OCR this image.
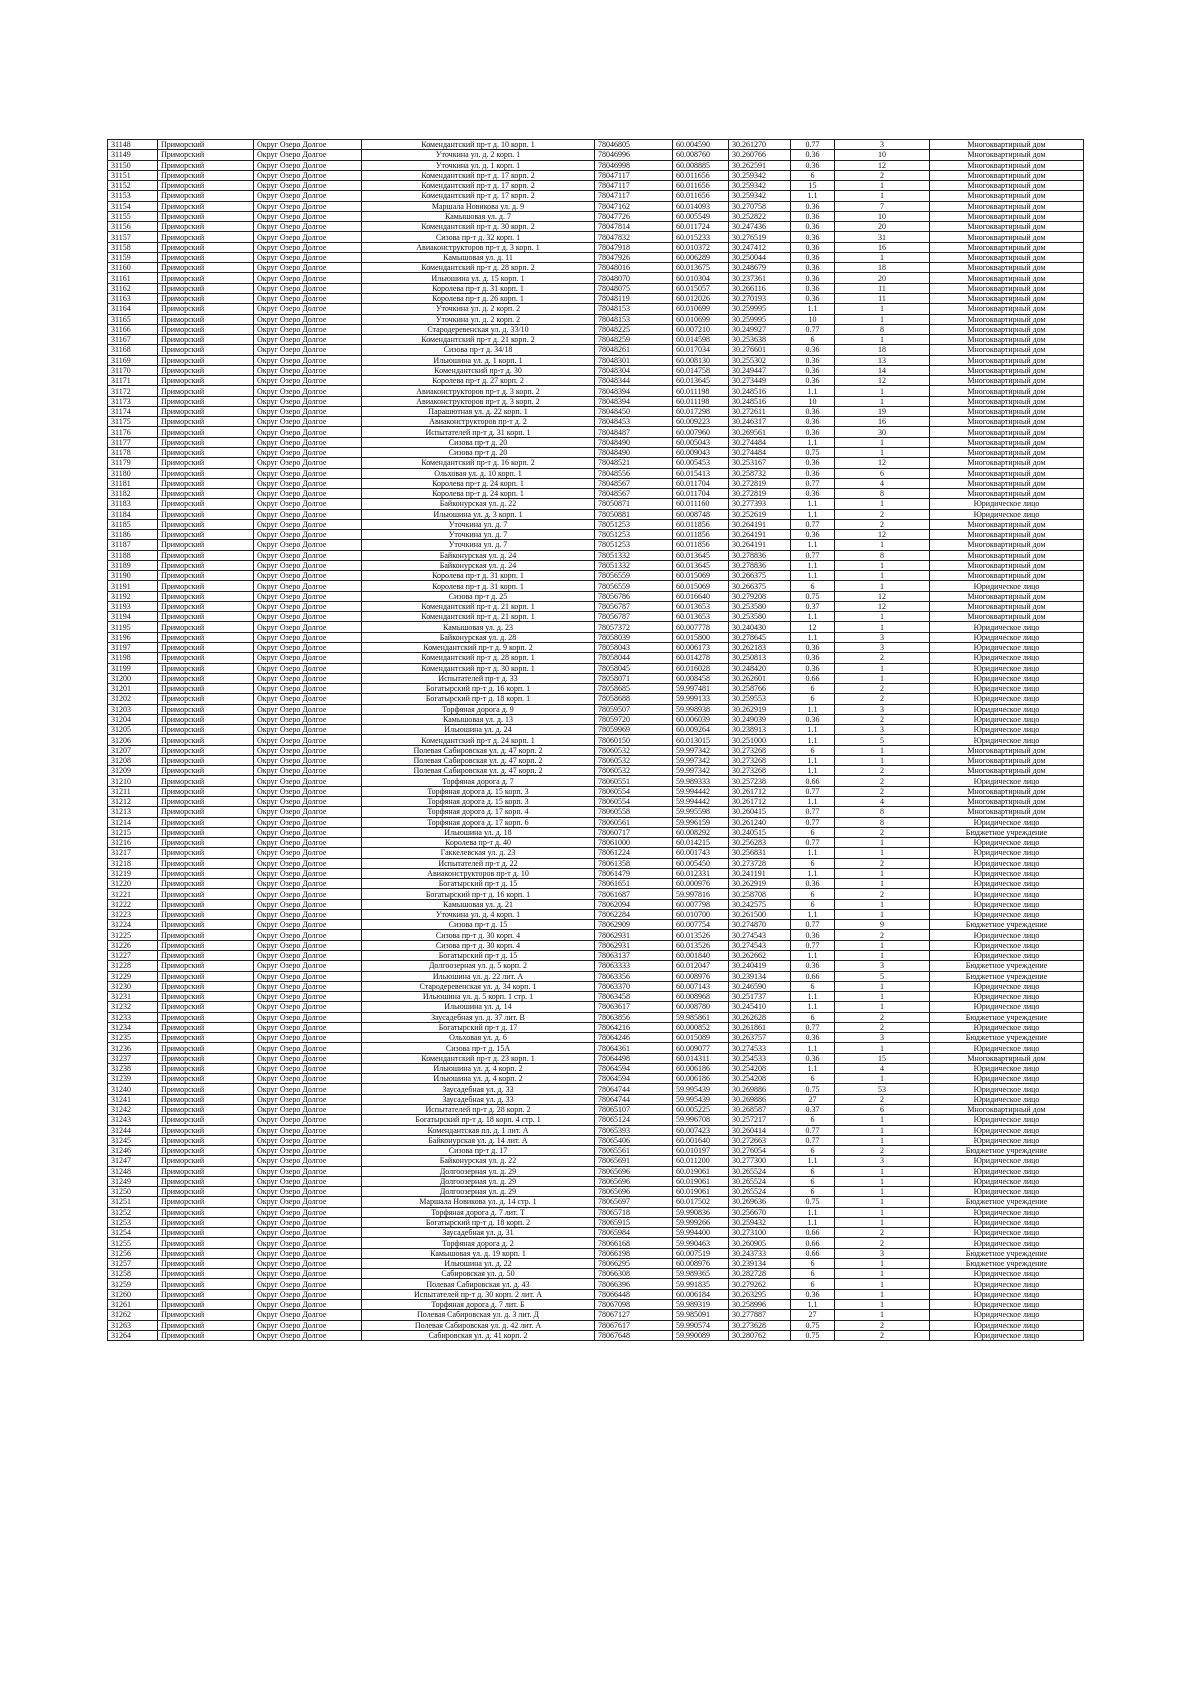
31148	Приморский	Округ Озеро Долгое	Комендантский пр-т д. 10 корп. 1	78046805	60.004590	30.261270	0.77	3	Многоквартирный дом
31149	Приморский	Округ Озеро Долгое	Уточкина ул. д. 2 корп. 1	78046996	60.008760	30.260766	0.36	10	Многоквартирный дом
31150	Приморский	Округ Озеро Долгое	Уточкина ул. д. 1 корп. 1	78046998	60.008885	30.262591	0.36	12	Многоквартирный дом
31151	Приморский	Округ Озеро Долгое	Комендантский пр-т д. 17 корп. 2	78047117	60.011656	30.259342	6	2	Многоквартирный дом
31152	Приморский	Округ Озеро Долгое	Комендантский пр-т д. 17 корп. 2	78047117	60.011656	30.259342	15	1	Многоквартирный дом
31153	Приморский	Округ Озеро Долгое	Комендантский пр-т д. 17 корп. 2	78047117	60.011656	30.259342	1.1	1	Многоквартирный дом
31154	Приморский	Округ Озеро Долгое	Маршала Новикова ул. д. 9	78047162	60.014093	30.270758	0.36	7	Многоквартирный дом
31155	Приморский	Округ Озеро Долгое	Камышовая ул. д. 7	78047726	60.005549	30.252822	0.36	10	Многоквартирный дом
31156	Приморский	Округ Озеро Долгое	Комендантский пр-т д. 30 корп. 2	78047814	60.011724	30.247436	0.36	20	Многоквартирный дом
31157	Приморский	Округ Озеро Долгое	Сизова пр-т д. 32 корп. 1	78047832	60.015233	30.276519	0.36	31	Многоквартирный дом
31158	Приморский	Округ Озеро Долгое	Авиаконструкторов пр-т д. 3 корп. 1	78047918	60.010372	30.247412	0.36	16	Многоквартирный дом
31159	Приморский	Округ Озеро Долгое	Камышовая ул. д. 11	78047926	60.006289	30.250044	0.36	1	Многоквартирный дом
31160	Приморский	Округ Озеро Долгое	Комендантский пр-т д. 28 корп. 2	78048016	60.013675	30.248679	0.36	18	Многоквартирный дом
31161	Приморский	Округ Озеро Долгое	Ильюшина ул. д. 15 корп. 1	78048070	60.010304	30.237361	0.36	20	Многоквартирный дом
31162	Приморский	Округ Озеро Долгое	Королева пр-т д. 31 корп. 1	78048075	60.015057	30.266116	0.36	11	Многоквартирный дом
31163	Приморский	Округ Озеро Долгое	Королева пр-т д. 26 корп. 1	78048119	60.012026	30.270193	0.36	11	Многоквартирный дом
31164	Приморский	Округ Озеро Долгое	Уточкина ул. д. 2 корп. 2	78048153	60.010699	30.259995	1.1	1	Многоквартирный дом
31165	Приморский	Округ Озеро Долгое	Уточкина ул. д. 2 корп. 2	78048153	60.010699	30.259995	10	1	Многоквартирный дом
31166	Приморский	Округ Озеро Долгое	Стародеревенская ул. д. 33/10	78048225	60.007210	30.249927	0.77	8	Многоквартирный дом
31167	Приморский	Округ Озеро Долгое	Комендантский пр-т д. 21 корп. 2	78048259	60.014598	30.253638	6	1	Многоквартирный дом
31168	Приморский	Округ Озеро Долгое	Сизова пр-т д. 34/18	78048261	60.017034	30.276601	0.36	18	Многоквартирный дом
31169	Приморский	Округ Озеро Долгое	Ильюшина ул. д. 1 корп. 1	78048301	60.008130	30.255302	0.36	13	Многоквартирный дом
31170	Приморский	Округ Озеро Долгое	Комендантский пр-т д. 30	78048304	60.014758	30.249447	0.36	14	Многоквартирный дом
31171	Приморский	Округ Озеро Долгое	Королева пр-т д. 27 корп. 2	78048344	60.013645	30.273449	0.36	12	Многоквартирный дом
31172	Приморский	Округ Озеро Долгое	Авиаконструкторов пр-т д. 3 корп. 2	78048394	60.011198	30.248516	1.1	1	Многоквартирный дом
31173	Приморский	Округ Озеро Долгое	Авиаконструкторов пр-т д. 3 корп. 2	78048394	60.011198	30.248516	10	1	Многоквартирный дом
31174	Приморский	Округ Озеро Долгое	Парашютная ул. д. 22 корп. 1	78048450	60.017298	30.272611	0.36	19	Многоквартирный дом
31175	Приморский	Округ Озеро Долгое	Авиаконструкторов пр-т д. 2	78048453	60.009223	30.246317	0.36	16	Многоквартирный дом
31176	Приморский	Округ Озеро Долгое	Испытателей пр-т д. 31 корп. 1	78048487	60.007960	30.269561	0.36	30	Многоквартирный дом
31177	Приморский	Округ Озеро Долгое	Сизова пр-т д. 20	78048490	60.005043	30.274484	1.1	1	Многоквартирный дом
31178	Приморский	Округ Озеро Долгое	Сизова пр-т д. 20	78048490	60.009043	30.274484	0.75	1	Многоквартирный дом
31179	Приморский	Округ Озеро Долгое	Комендантский пр-т д. 16 корп. 2	78048521	60.005453	30.253167	0.36	12	Многоквартирный дом
31180	Приморский	Округ Озеро Долгое	Ольховая ул. д. 10 корп. 1	78048556	60.015413	30.258732	0.36	6	Многоквартирный дом
31181	Приморский	Округ Озеро Долгое	Королева пр-т д. 24 корп. 1	78048567	60.011704	30.272819	0.77	4	Многоквартирный дом
31182	Приморский	Округ Озеро Долгое	Королева пр-т д. 24 корп. 1	78048567	60.011704	30.272819	0.36	8	Многоквартирный дом
31183	Приморский	Округ Озеро Долгое	Байконурская ул. д. 22	78050871	60.011160	30.277393	1.1	1	Юридическое лицо
31184	Приморский	Округ Озеро Долгое	Ильюшина ул. д. 3 корп. 1	78050881	60.008748	30.252619	1.1	2	Юридическое лицо
31185	Приморский	Округ Озеро Долгое	Уточкина ул. д. 7	78051253	60.011856	30.264191	0.77	2	Многоквартирный дом
31186	Приморский	Округ Озеро Долгое	Уточкина ул. д. 7	78051253	60.011856	30.264191	0.36	12	Многоквартирный дом
31187	Приморский	Округ Озеро Долгое	Уточкина ул. д. 7	78051253	60.011856	30.264191	1.1	1	Многоквартирный дом
31188	Приморский	Округ Озеро Долгое	Байконурская ул. д. 24	78051332	60.013645	30.278836	0.77	8	Многоквартирный дом
31189	Приморский	Округ Озеро Долгое	Байконурская ул. д. 24	78051332	60.013645	30.278836	1.1	1	Многоквартирный дом
31190	Приморский	Округ Озеро Долгое	Королева пр-т д. 31 корп. 1	78056559	60.015069	30.266375	1.1	1	Многоквартирный дом
31191	Приморский	Округ Озеро Долгое	Королева пр-т д. 31 корп. 1	78056559	60.015069	30.266375	6	1	Юридическое лицо
31192	Приморский	Округ Озеро Долгое	Сизова пр-т д. 25	78056786	60.016640	30.279208	0.75	12	Многоквартирный дом
31193	Приморский	Округ Озеро Долгое	Комендантский пр-т д. 21 корп. 1	78056787	60.013653	30.253580	0.37	12	Многоквартирный дом
31194	Приморский	Округ Озеро Долгое	Комендантский пр-т д. 21 корп. 1	78056787	60.013653	30.253580	1.1	1	Многоквартирный дом
31195	Приморский	Округ Озеро Долгое	Камышовая ул. д. 23	78057372	60.007778	30.240430	12	1	Юридическое лицо
31196	Приморский	Округ Озеро Долгое	Байконурская ул. д. 28	78058039	60.015800	30.278645	1.1	3	Юридическое лицо
31197	Приморский	Округ Озеро Долгое	Комендантский пр-т д. 9 корп. 2	78058043	60.006173	30.262183	0.36	3	Юридическое лицо
31198	Приморский	Округ Озеро Долгое	Комендантский пр-т д. 28 корп. 1	78058044	60.014278	30.250813	0.36	2	Юридическое лицо
31199	Приморский	Округ Озеро Долгое	Комендантский пр-т д. 30 корп. 1	78058045	60.016028	30.248420	0.36	1	Юридическое лицо
31200	Приморский	Округ Озеро Долгое	Испытателей пр-т д. 33	78058071	60.008458	30.262601	0.66	1	Юридическое лицо
31201	Приморский	Округ Озеро Долгое	Богатырский пр-т д. 16 корп. 1	78058685	59.997481	30.258766	6	2	Юридическое лицо
31202	Приморский	Округ Озеро Долгое	Богатырский пр-т д. 18 корп. 1	78058688	59.999133	30.259553	6	2	Юридическое лицо
31203	Приморский	Округ Озеро Долгое	Торфяная дорога д. 9	78059507	59.998938	30.262919	1.1	3	Юридическое лицо
31204	Приморский	Округ Озеро Долгое	Камышовая ул. д. 13	78059720	60.006039	30.249039	0.36	2	Юридическое лицо
31205	Приморский	Округ Озеро Долгое	Ильюшина ул. д. 24	78059969	60.009264	30.238913	1.1	3	Юридическое лицо
31206	Приморский	Округ Озеро Долгое	Комендантский пр-т д. 24 корп. 1	78060150	60.013015	30.251000	1.1	5	Юридическое лицо
31207	Приморский	Округ Озеро Долгое	Полевая Сабировская ул. д. 47 корп. 2	78060532	59.997342	30.273268	6	1	Многоквартирный дом
31208	Приморский	Округ Озеро Долгое	Полевая Сабировская ул. д. 47 корп. 2	78060532	59.997342	30.273268	1.1	1	Многоквартирный дом
31209	Приморский	Округ Озеро Долгое	Полевая Сабировская ул. д. 47 корп. 2	78060532	59.997342	30.273268	1.1	2	Многоквартирный дом
31210	Приморский	Округ Озеро Долгое	Торфяная дорога д. 7	78060551	59.989333	30.257238	0.66	2	Юридическое лицо
31211	Приморский	Округ Озеро Долгое	Торфяная дорога д. 15 корп. 3	78060554	59.994442	30.261712	0.77	2	Многоквартирный дом
31212	Приморский	Округ Озеро Долгое	Торфяная дорога д. 15 корп. 3	78060554	59.994442	30.261712	1.1	4	Многоквартирный дом
31213	Приморский	Округ Озеро Долгое	Торфяная дорога д. 17 корп. 4	78060558	59.995598	30.260415	0.77	8	Многоквартирный дом
31214	Приморский	Округ Озеро Долгое	Торфяная дорога д. 17 корп. 6	78060561	59.996159	30.261240	0.77	8	Юридическое лицо
31215	Приморский	Округ Озеро Долгое	Ильюшина ул. д. 18	78060717	60.008292	30.240515	6	2	Бюджетное учреждение
31216	Приморский	Округ Озеро Долгое	Королева пр-т д. 40	78061000	60.014215	30.256283	0.77	1	Юридическое лицо
31217	Приморский	Округ Озеро Долгое	Гаккелевская ул. д. 23	78061224	60.001743	30.256831	1.1	1	Юридическое лицо
31218	Приморский	Округ Озеро Долгое	Испытателей пр-т д. 22	78061358	60.005450	30.273728	6	2	Юридическое лицо
31219	Приморский	Округ Озеро Долгое	Авиаконструкторов пр-т д. 10	78061479	60.012331	30.241191	1.1	1	Юридическое лицо
31220	Приморский	Округ Озеро Долгое	Богатырский пр-т д. 15	78061651	60.000976	30.262919	0.36	1	Юридическое лицо
31221	Приморский	Округ Озеро Долгое	Богатырский пр-т д. 16 корп. 1	78061687	59.997816	30.258708	6	2	Юридическое лицо
31222	Приморский	Округ Озеро Долгое	Камышовая ул. д. 21	78062094	60.007798	30.242575	6	1	Юридическое лицо
31223	Приморский	Округ Озеро Долгое	Уточкина ул. д. 4 корп. 1	78062284	60.010700	30.261500	1.1	1	Юридическое лицо
31224	Приморский	Округ Озеро Долгое	Сизова пр-т д. 15	78062909	60.007754	30.274870	0.77	9	Бюджетное учреждение
31225	Приморский	Округ Озеро Долгое	Сизова пр-т д. 30 корп. 4	78062931	60.013526	30.274543	0.36	2	Юридическое лицо
31226	Приморский	Округ Озеро Долгое	Сизова пр-т д. 30 корп. 4	78062931	60.013526	30.274543	0.77	1	Юридическое лицо
31227	Приморский	Округ Озеро Долгое	Богатырский пр-т д. 15	78063137	60.001840	30.262662	1.1	1	Юридическое лицо
31228	Приморский	Округ Озеро Долгое	Долгоозерная ул. д. 5 корп. 2	78063333	60.012047	30.240419	0.36	3	Бюджетное учреждение
31229	Приморский	Округ Озеро Долгое	Ильюшина ул. д. 22 лит. А	78063356	60.008976	30.239134	0.66	5	Бюджетное учреждение
31230	Приморский	Округ Озеро Долгое	Стародеревенская ул. д. 34 корп. 1	78063370	60.007143	30.246590	6	1	Юридическое лицо
31231	Приморский	Округ Озеро Долгое	Ильюшина ул. д. 5 корп. 1 стр. 1	78063458	60.008968	30.251737	1.1	1	Юридическое лицо
31232	Приморский	Округ Озеро Долгое	Ильюшина ул. д. 14	78063617	60.008780	30.245410	1.1	1	Юридическое лицо
31233	Приморский	Округ Озеро Долгое	Заусадебная ул. д. 37 лит. В	78063856	59.985861	30.262628	6	2	Бюджетное учреждение
31234	Приморский	Округ Озеро Долгое	Богатырский пр-т д. 17	78064216	60.000852	30.261861	0.77	2	Юридическое лицо
31235	Приморский	Округ Озеро Долгое	Ольховая ул. д. 6	78064246	60.015089	30.263757	0.36	3	Бюджетное учреждение
31236	Приморский	Округ Озеро Долгое	Сизова пр-т д. 15А	78064361	60.009077	30.274533	1.1	1	Юридическое лицо
31237	Приморский	Округ Озеро Долгое	Комендантский пр-т д. 23 корп. 1	78064498	60.014311	30.254533	0.36	15	Многоквартирный дом
31238	Приморский	Округ Озеро Долгое	Ильюшина ул. д. 4 корп. 2	78064594	60.006186	30.254208	1.1	4	Юридическое лицо
31239	Приморский	Округ Озеро Долгое	Ильюшина ул. д. 4 корп. 2	78064594	60.006186	30.254208	6	1	Юридическое лицо
31240	Приморский	Округ Озеро Долгое	Заусадебная ул. д. 33	78064744	59.995439	30.269886	0.75	53	Юридическое лицо
31241	Приморский	Округ Озеро Долгое	Заусадебная ул. д. 33	78064744	59.995439	30.269886	27	2	Юридическое лицо
31242	Приморский	Округ Озеро Долгое	Испытателей пр-т д. 28 корп. 2	78065107	60.005225	30.268587	0.37	6	Многоквартирный дом
31243	Приморский	Округ Озеро Долгое	Богатырский пр-т д. 18 корп. 4 стр. 1	78065124	59.996708	30.257217	6	1	Юридическое лицо
31244	Приморский	Округ Озеро Долгое	Комендантская пл. д. 1 лит. А	78065393	60.007423	30.260414	0.77	1	Юридическое лицо
31245	Приморский	Округ Озеро Долгое	Байконурская ул. д. 14 лит. А	78065406	60.001640	30.272663	0.77	1	Юридическое лицо
31246	Приморский	Округ Озеро Долгое	Сизова пр-т д. 17	78065561	60.010197	30.276054	6	2	Бюджетное учреждение
31247	Приморский	Округ Озеро Долгое	Байконурская ул. д. 22	78065691	60.011200	30.277300	1.1	3	Юридическое лицо
31248	Приморский	Округ Озеро Долгое	Долгоозерная ул. д. 29	78065696	60.019061	30.265524	6	1	Юридическое лицо
31249	Приморский	Округ Озеро Долгое	Долгоозерная ул. д. 29	78065696	60.019061	30.265524	6	1	Юридическое лицо
31250	Приморский	Округ Озеро Долгое	Долгоозерная ул. д. 29	78065696	60.019061	30.265524	6	1	Юридическое лицо
31251	Приморский	Округ Озеро Долгое	Маршала Новикова ул. д. 14 стр. 1	78065697	60.017502	30.269636	0.75	1	Бюджетное учреждение
31252	Приморский	Округ Озеро Долгое	Торфяная дорога д. 7 лит. Т	78065718	59.990836	30.256670	1.1	1	Юридическое лицо
31253	Приморский	Округ Озеро Долгое	Богатырский пр-т д. 18 корп. 2	78065915	59.999266	30.259432	1.1	1	Юридическое лицо
31254	Приморский	Округ Озеро Долгое	Заусадебная ул. д. 31	78065984	59.994400	30.273100	0.66	2	Юридическое лицо
31255	Приморский	Округ Озеро Долгое	Торфяная дорога д. 2	78066168	59.990463	30.260905	0.66	2	Юридическое лицо
31256	Приморский	Округ Озеро Долгое	Камышовая ул. д. 19 корп. 1	78066198	60.007519	30.243733	0.66	3	Бюджетное учреждение
31257	Приморский	Округ Озеро Долгое	Ильюшина ул. д. 22	78066295	60.008976	30.239134	6	1	Бюджетное учреждение
31258	Приморский	Округ Озеро Долгое	Сабировская ул. д. 50	78066308	59.989365	30.282728	6	1	Юридическое лицо
31259	Приморский	Округ Озеро Долгое	Полевая Сабировская ул. д. 43	78066396	59.991835	30.279262	6	1	Юридическое лицо
31260	Приморский	Округ Озеро Долгое	Испытателей пр-т д. 30 корп. 2 лит. А	78066448	60.006184	30.263295	0.36	1	Юридическое лицо
31261	Приморский	Округ Озеро Долгое	Торфяная дорога д. 7 лит. Б	78067098	59.989319	30.258996	1.1	1	Юридическое лицо
31262	Приморский	Округ Озеро Долгое	Полевая Сабировская ул. д. 3 лит. Д	78067127	59.985091	30.277887	27	1	Юридическое лицо
31263	Приморский	Округ Озеро Долгое	Полевая Сабировская ул. д. 42 лит. А	78067617	59.990574	30.273628	0.75	2	Юридическое лицо
31264	Приморский	Округ Озеро Долгое	Сабировская ул. д. 41 корп. 2	78067648	59.990089	30.280762	0.75	2	Юридическое лицо
